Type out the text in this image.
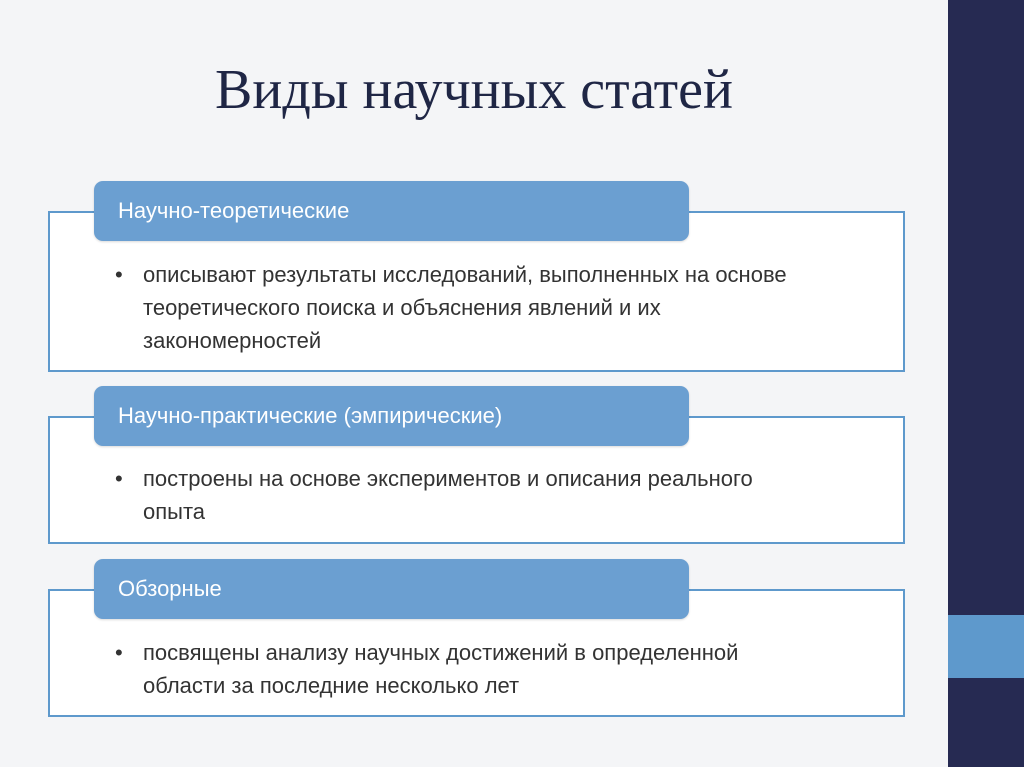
Виды научных статей
Научно-теоретические
• описывают результаты исследований, выполненных на основе теоретического поиска и объяснения явлений и их закономерностей
Научно-практические (эмпирические)
• построены на основе экспериментов и описания реального опыта
Обзорные
• посвящены анализу научных достижений в определенной области за последние несколько лет
